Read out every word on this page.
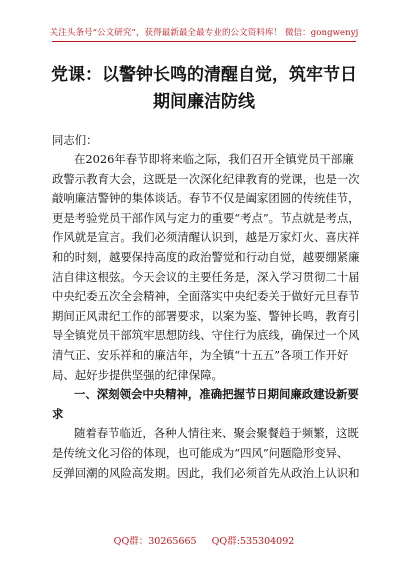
关注头条号“公文研究”，获得最新最全最专业的公文资料库！ 微信：gongwenyj
党课：以警钟长鸣的清醒自觉，筑牢节日
期间廉洁防线
同志们：
在2026年春节即将来临之际，我们召开全镇党员干部廉
政警示教育大会，这既是一次深化纪律教育的党课，也是一次
敲响廉洁警钟的集体谈话。春节不仅是阖家团圆的传统佳节，
更是考验党员干部作风与定力的重要“考点”。节点就是考点，
作风就是宣言。我们必须清醒认识到，越是万家灯火、喜庆祥
和的时刻，越要保持高度的政治警觉和行动自觉，越要绷紧廉
洁自律这根弦。今天会议的主要任务是，深入学习贯彻二十届
中央纪委五次全会精神，全面落实中央纪委关于做好元旦春节
期间正风肃纪工作的部署要求，以案为鉴、警钟长鸣，教育引
导全镇党员干部筑牢思想防线、守住行为底线，确保过一个风
清气正、安乐祥和的廉洁年，为全镇“十五五”各项工作开好
局、起好步提供坚强的纪律保障。
一、深刻领会中央精神，准确把握节日期间廉政建设新要
求
随着春节临近，各种人情往来、聚会聚餐趋于频繁，这既
是传统文化习俗的体现，也可能成为“四风”问题隐形变异、
反弹回潮的风险高发期。因此，我们必须首先从政治上认识和
QQ群：30265665 QQ群:535304092
